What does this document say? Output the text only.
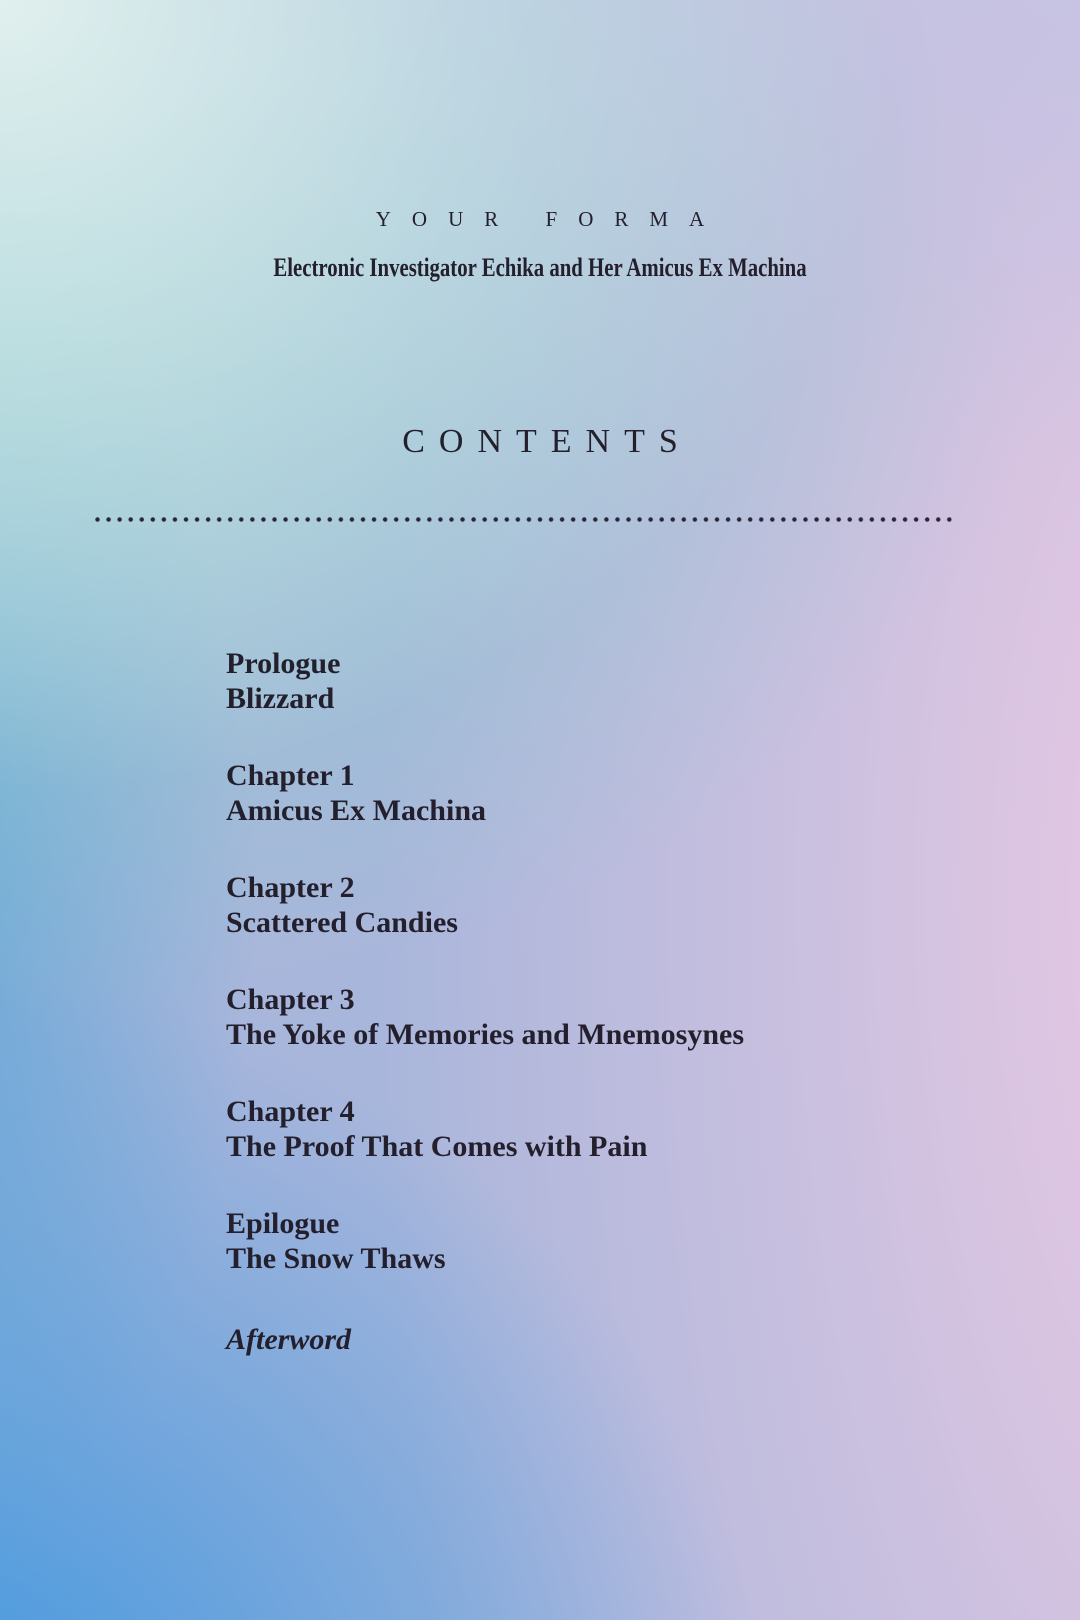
YOUR FORMA
Electronic Investigator Echika and Her Amicus Ex Machina
CONTENTS
Prologue
Blizzard
Chapter 1
Amicus Ex Machina
Chapter 2
Scattered Candies
Chapter 3
The Yoke of Memories and Mnemosynes
Chapter 4
The Proof That Comes with Pain
Epilogue
The Snow Thaws
Afterword
